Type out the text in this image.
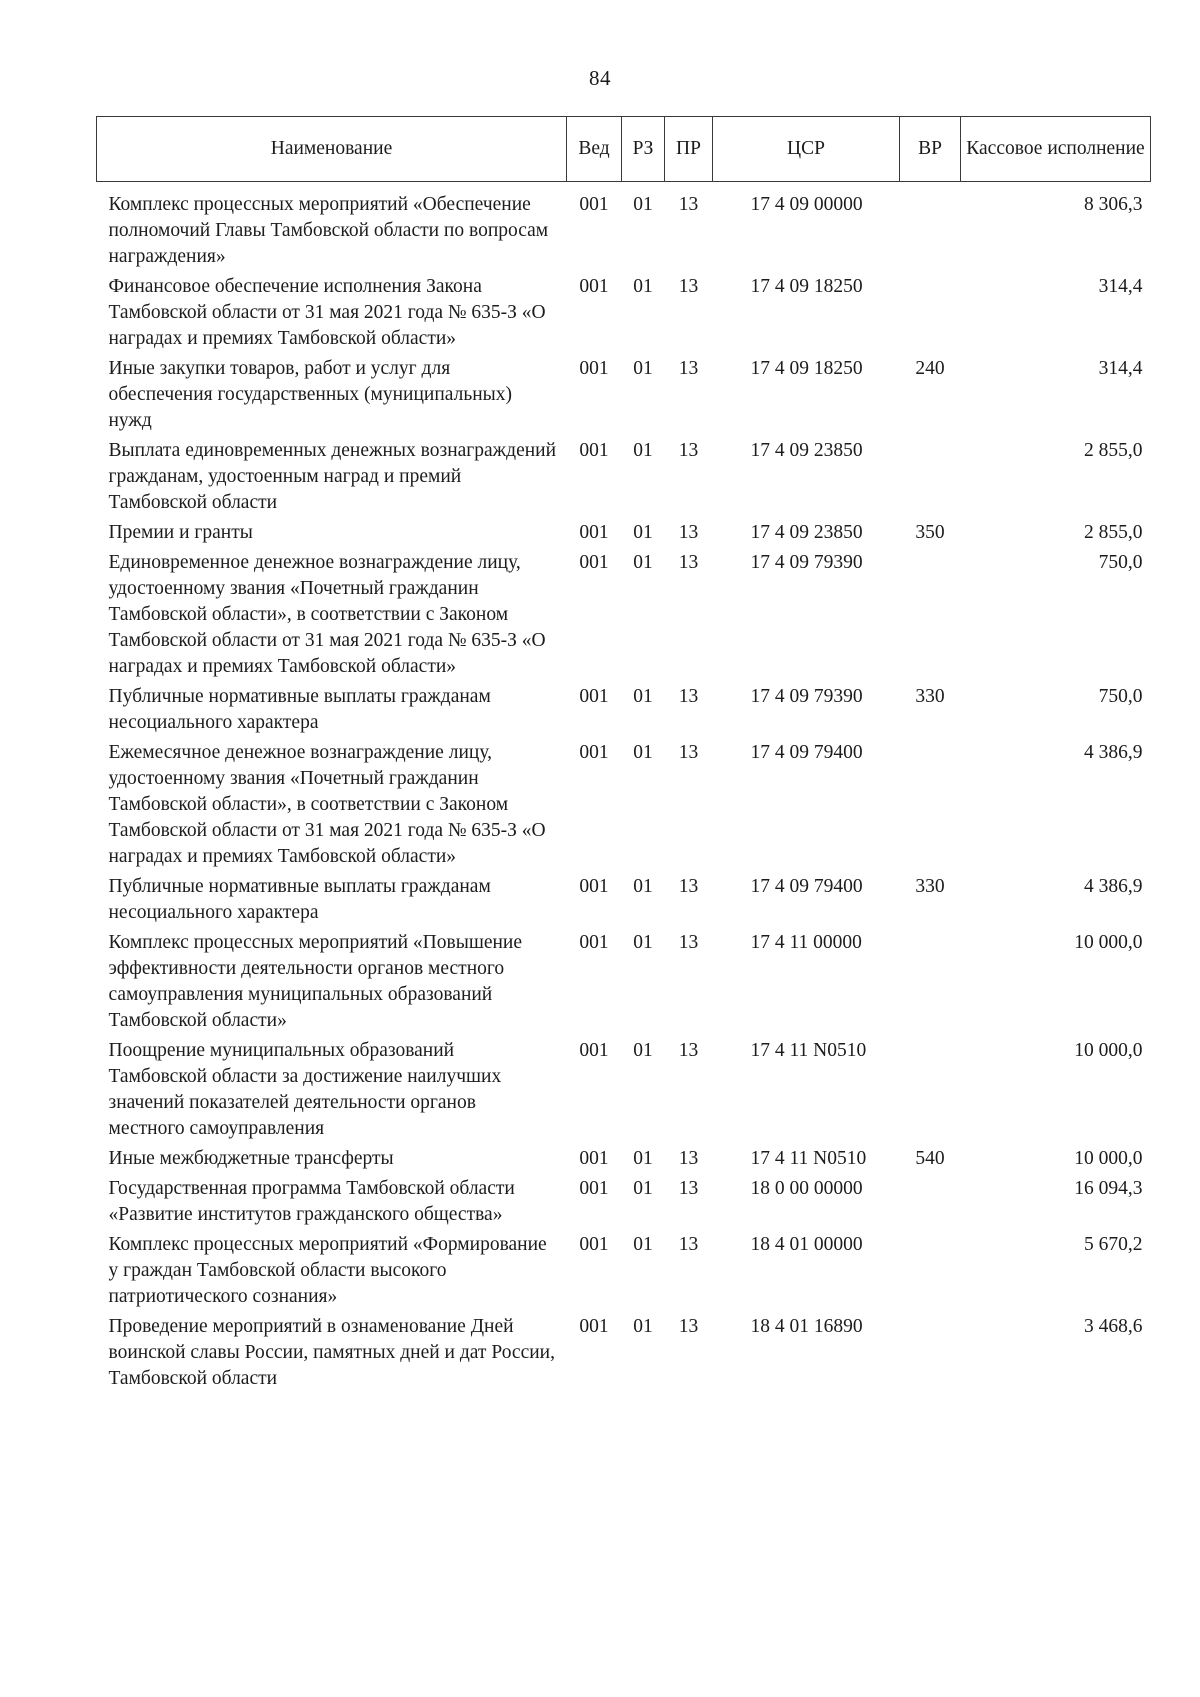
84
Наименование	Вед	РЗ	ПР	ЦСР	ВР	Кассовое исполнение
Комплекс процессных мероприятий «Обеспечение полномочий Главы Тамбовской области по вопросам награждения»	001	01	13	17 4 09 00000		8 306,3
Финансовое обеспечение исполнения Закона Тамбовской области от 31 мая 2021 года № 635-З «О наградах и премиях Тамбовской области»	001	01	13	17 4 09 18250		314,4
Иные закупки товаров, работ и услуг для обеспечения государственных (муниципальных) нужд	001	01	13	17 4 09 18250	240	314,4
Выплата единовременных денежных вознаграждений гражданам, удостоенным наград и премий Тамбовской области	001	01	13	17 4 09 23850		2 855,0
Премии и гранты	001	01	13	17 4 09 23850	350	2 855,0
Единовременное денежное вознаграждение лицу, удостоенному звания «Почетный гражданин Тамбовской области», в соответствии с Законом Тамбовской области от 31 мая 2021 года № 635-З «О наградах и премиях Тамбовской области»	001	01	13	17 4 09 79390		750,0
Публичные нормативные выплаты гражданам несоциального характера	001	01	13	17 4 09 79390	330	750,0
Ежемесячное денежное вознаграждение лицу, удостоенному звания «Почетный гражданин Тамбовской области», в соответствии с Законом Тамбовской области от 31 мая 2021 года № 635-З «О наградах и премиях Тамбовской области»	001	01	13	17 4 09 79400		4 386,9
Публичные нормативные выплаты гражданам несоциального характера	001	01	13	17 4 09 79400	330	4 386,9
Комплекс процессных мероприятий «Повышение эффективности деятельности органов местного самоуправления муниципальных образований Тамбовской области»	001	01	13	17 4 11 00000		10 000,0
Поощрение муниципальных образований Тамбовской области за достижение наилучших значений показателей деятельности органов местного самоуправления	001	01	13	17 4 11 N0510		10 000,0
Иные межбюджетные трансферты	001	01	13	17 4 11 N0510	540	10 000,0
Государственная программа Тамбовской области «Развитие институтов гражданского общества»	001	01	13	18 0 00 00000		16 094,3
Комплекс процессных мероприятий «Формирование у граждан Тамбовской области высокого патриотического сознания»	001	01	13	18 4 01 00000		5 670,2
Проведение мероприятий в ознаменование Дней воинской славы России, памятных дней и дат России, Тамбовской области	001	01	13	18 4 01 16890		3 468,6
